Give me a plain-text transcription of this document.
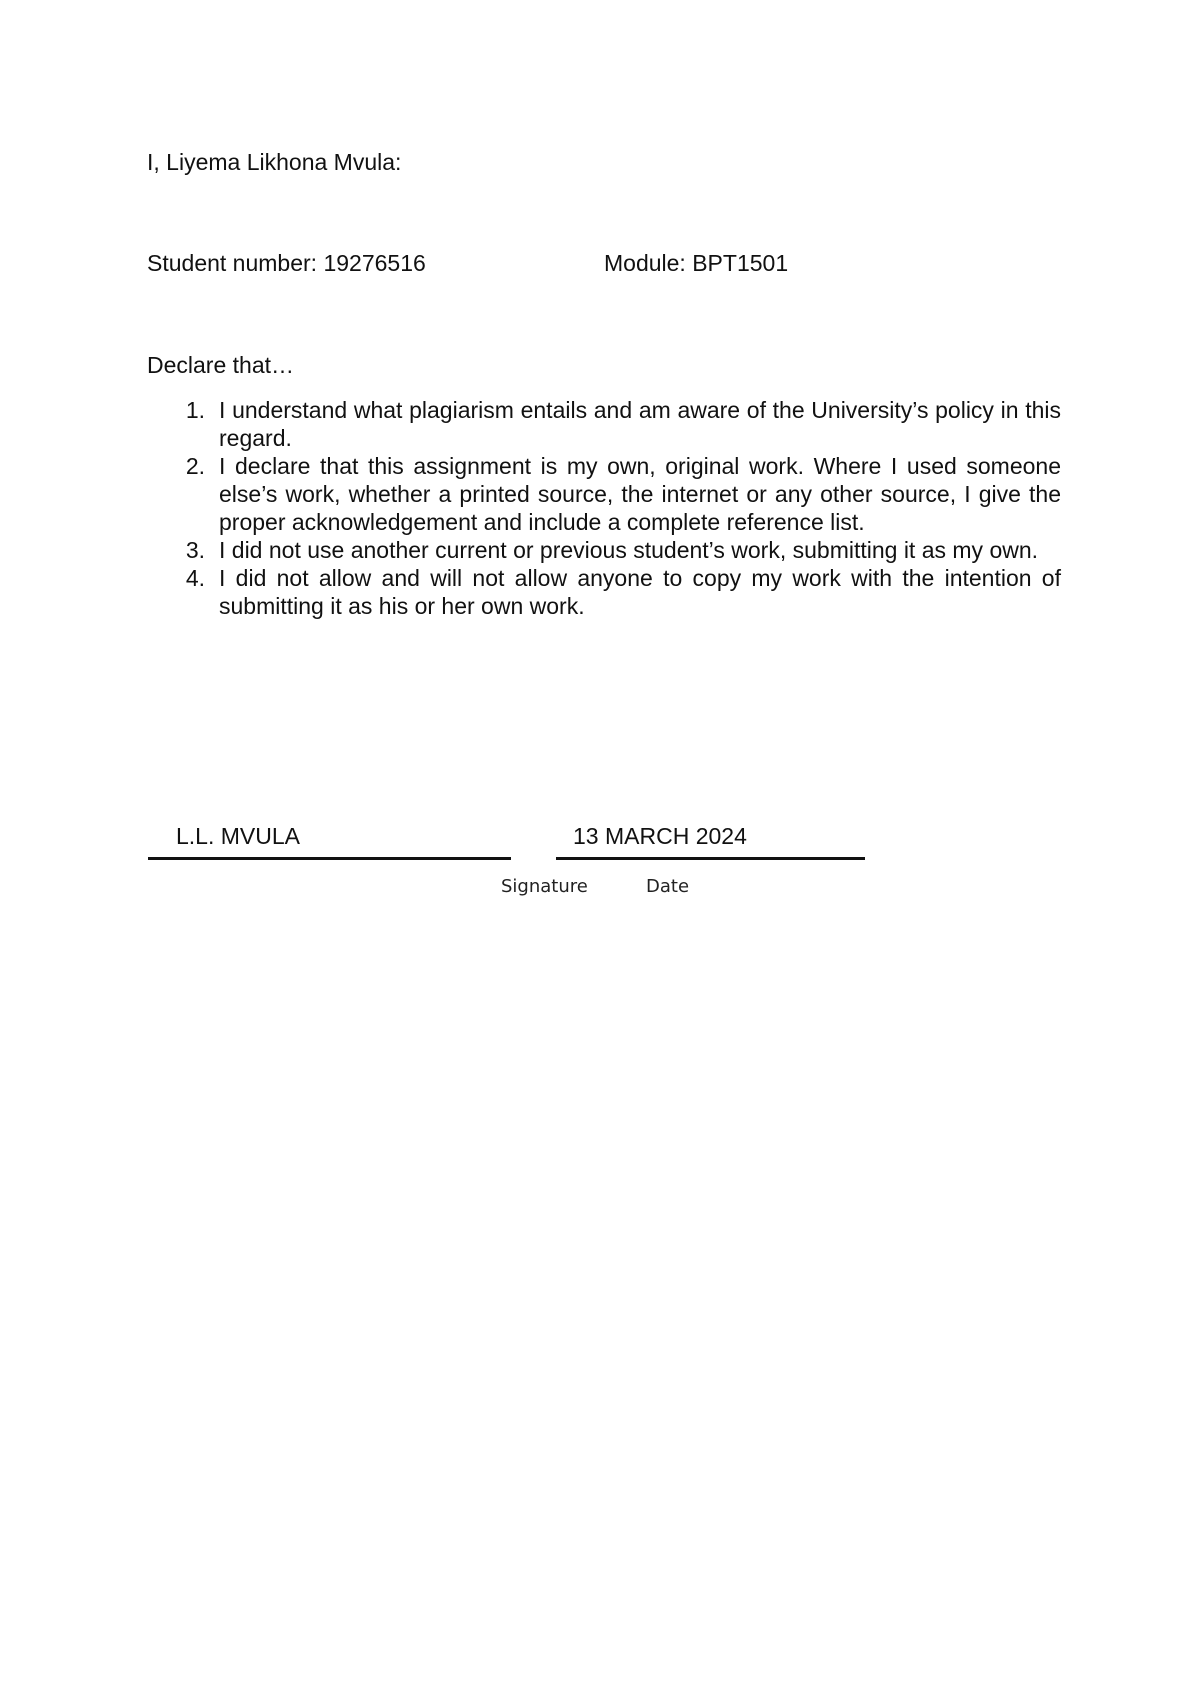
I, Liyema Likhona Mvula:
Student number: 19276516	Module: BPT1501
Declare that…
1. I understand what plagiarism entails and am aware of the University’s policy in this regard.
2. I declare that this assignment is my own, original work. Where I used someone else’s work, whether a printed source, the internet or any other source, I give the proper acknowledgement and include a complete reference list.
3. I did not use another current or previous student’s work, submitting it as my own.
4. I did not allow and will not allow anyone to copy my work with the intention of submitting it as his or her own work.
L.L. MVULA	13 MARCH 2024
Signature	Date
